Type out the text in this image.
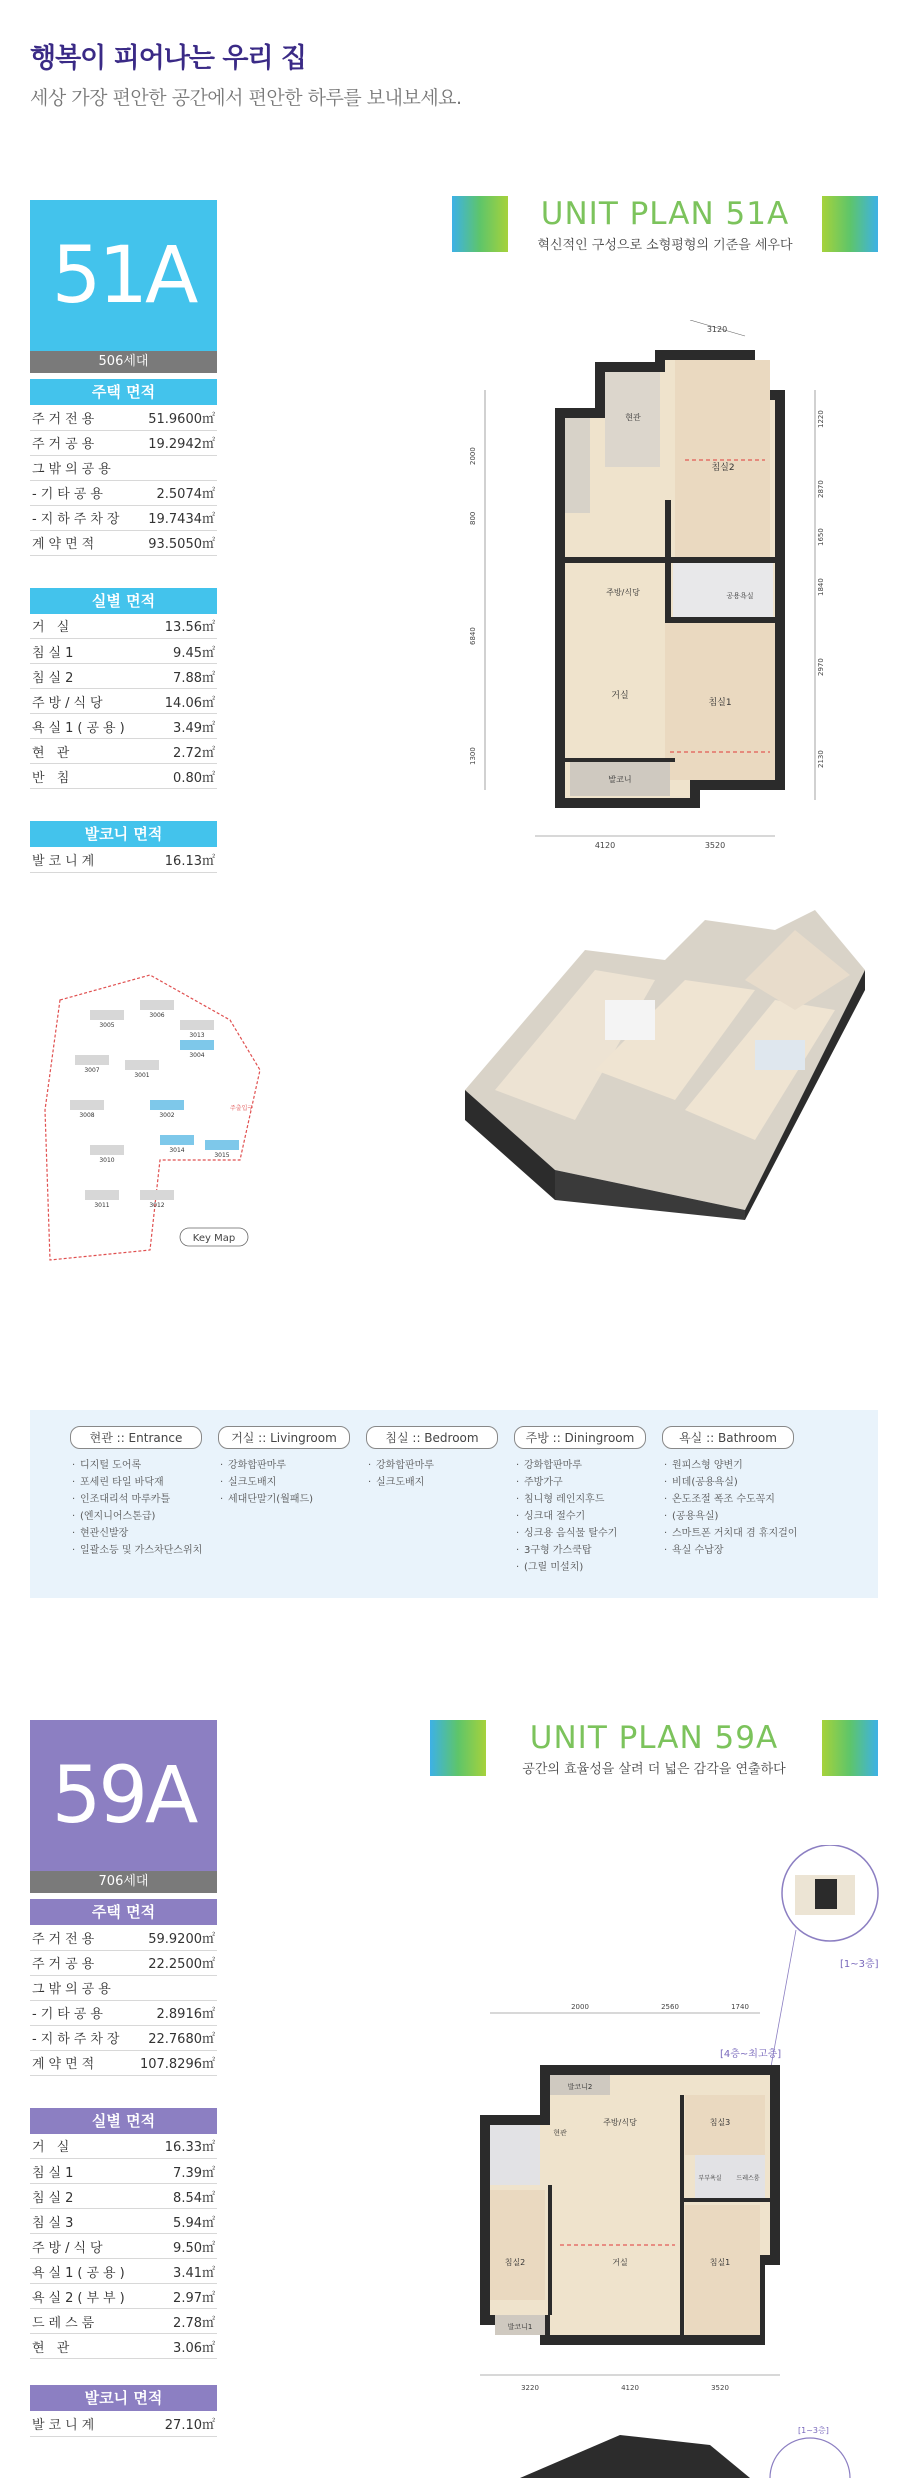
행복이 피어나는 우리 집
세상 가장 편안한 공간에서 편안한 하루를 보내보세요.
51A
506세대
주택 면적
주거전용	51.9600㎡
주거공용	19.2942㎡
그밖의공용	
-기타공용	2.5074㎡
-지하주차장	19.7434㎡
계약면적	93.5050㎡
실별 면적
거 실	13.56㎡
침실1	9.45㎡
침실2	7.88㎡
주방/식당	14.06㎡
욕실1(공용)	3.49㎡
현 관	2.72㎡
반 침	0.80㎡
발코니 면적
발코니계	16.13㎡
UNIT PLAN 51A
혁신적인 구성으로 소형평형의 기준을 세우다
3120
2000
800
6840
1300
1220
2870
1650
1840
2970
2130
4120	3520
현관
침실2
주방/식당	공용욕실
거실
침실1
발코니
3005
3006
3004
3007
3001
3008	3002
3010
3014
3015
3011	3012
3013
주출입구
Key Map
현관 :: Entrance
· 디지털 도어록
· 포세린 타일 바닥재
· 인조대리석 마루카틀
· (엔지니어스톤급)
· 현관신발장
· 일괄소등 및 가스차단스위치
거실 :: Livingroom
· 강화합판마루
· 실크도배지
· 세대단말기(월패드)
침실 :: Bedroom
· 강화합판마루
· 실크도배지
주방 :: Diningroom
· 강화합판마루
· 주방가구
· 침니형 레인지후드
· 싱크대 절수기
· 싱크용 음식물 탈수기
· 3구형 가스쿡탑
· (그릴 미설치)
욕실 :: Bathroom
· 원피스형 양변기
· 비데(공용욕실)
· 온도조절 폭조 수도꼭지
· (공용욕실)
· 스마트폰 거치대 겸 휴지걸이
· 욕실 수납장
59A
706세대
주택 면적
주거전용	59.9200㎡
주거공용	22.2500㎡
그밖의공용	
-기타공용	2.8916㎡
-지하주차장	22.7680㎡
계약면적	107.8296㎡
실별 면적
거 실	16.33㎡
침실1	7.39㎡
침실2	8.54㎡
침실3	5.94㎡
주방/식당	9.50㎡
욕실1(공용)	3.41㎡
욕실2(부부)	2.97㎡
드레스룸	2.78㎡
현 관	3.06㎡
발코니 면적
발코니계	27.10㎡
UNIT PLAN 59A
공간의 효율성을 살려 더 넓은 감각을 연출하다
[1~3층]
[4층~최고층]
2000	2560	1740
3220	4120	3520
발코니2
현관
주방/식당	침실3
부부욕실 드레스룸
침실2	거실	침실1
발코니1
[1~3층]
